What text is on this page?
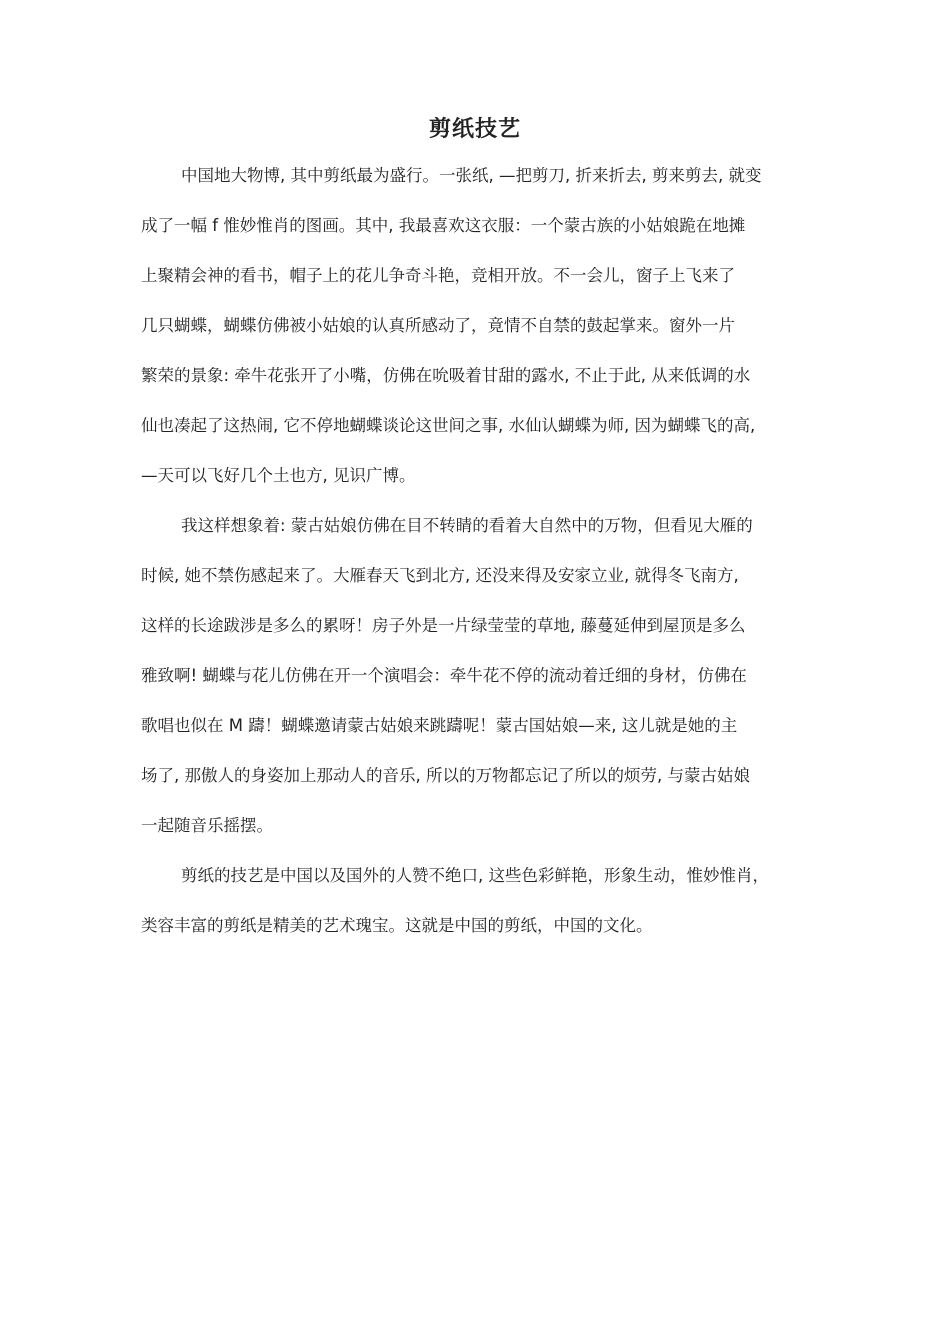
剪纸技艺
中国地大物博, 其中剪纸最为盛行。一张纸, —把剪刀, 折来折去, 剪来剪去, 就变
成了一幅 f 惟妙惟肖的图画。其中, 我最喜欢这衣服：一个蒙古族的小姑娘跪在地摊
上聚精会神的看书，帽子上的花儿争奇斗艳，竞相开放。不一会儿，窗子上飞来了
几只蝴蝶，蝴蝶仿佛被小姑娘的认真所感动了，竟情不自禁的鼓起掌来。窗外一片
繁荣的景象: 牵牛花张开了小嘴，仿佛在吮吸着甘甜的露水, 不止于此, 从来低调的水
仙也凑起了这热闹, 它不停地蝴蝶谈论这世间之事, 水仙认蝴蝶为师, 因为蝴蝶飞的高,
—天可以飞好几个土也方, 见识广博。
我这样想象着: 蒙古姑娘仿佛在目不转睛的看着大自然中的万物，但看见大雁的
时候, 她不禁伤感起来了。大雁春天飞到北方, 还没来得及安家立业, 就得冬飞南方,
这样的长途跋涉是多么的累呀！房子外是一片绿莹莹的草地, 藤蔓延伸到屋顶是多么
雅致啊! 蝴蝶与花儿仿佛在开一个演唱会：牵牛花不停的流动着迁细的身材，仿佛在
歌唱也似在 M 躊！蝴蝶邀请蒙古姑娘来跳躊呢！蒙古国姑娘—来, 这儿就是她的主
场了, 那傲人的身姿加上那动人的音乐, 所以的万物都忘记了所以的烦劳, 与蒙古姑娘
一起随音乐摇摆。
剪纸的技艺是中国以及国外的人赞不绝口, 这些色彩鲜艳，形象生动，惟妙惟肖，
类容丰富的剪纸是精美的艺术瑰宝。这就是中国的剪纸，中国的文化。
